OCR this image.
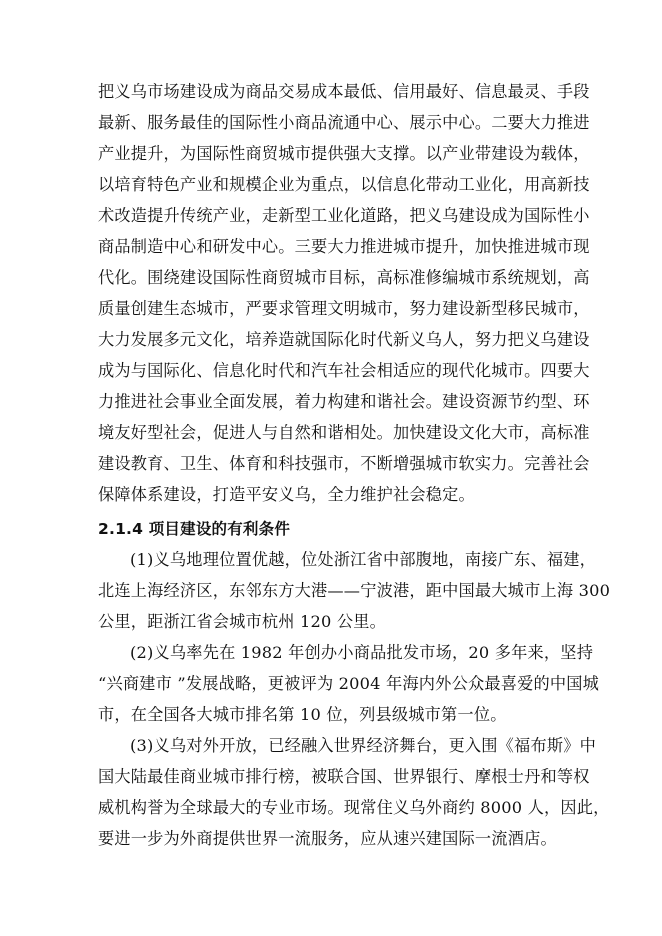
把义乌市场建设成为商品交易成本最低、信用最好、信息最灵、手段
最新、服务最佳的国际性小商品流通中心、展示中心。二要大力推进
产业提升，为国际性商贸城市提供强大支撑。以产业带建设为载体，
以培育特色产业和规模企业为重点，以信息化带动工业化，用高新技
术改造提升传统产业，走新型工业化道路，把义乌建设成为国际性小
商品制造中心和研发中心。三要大力推进城市提升，加快推进城市现
代化。围绕建设国际性商贸城市目标，高标准修编城市系统规划，高
质量创建生态城市，严要求管理文明城市，努力建设新型移民城市，
大力发展多元文化，培养造就国际化时代新义乌人，努力把义乌建设
成为与国际化、信息化时代和汽车社会相适应的现代化城市。四要大
力推进社会事业全面发展，着力构建和谐社会。建设资源节约型、环
境友好型社会，促进人与自然和谐相处。加快建设文化大市，高标准
建设教育、卫生、体育和科技强市，不断增强城市软实力。完善社会
保障体系建设，打造平安义乌，全力维护社会稳定。
2.1.4 项目建设的有利条件
(1)义乌地理位置优越，位处浙江省中部腹地，南接广东、福建，
北连上海经济区，东邻东方大港——宁波港，距中国最大城市上海 300
公里，距浙江省会城市杭州 120 公里。
(2)义乌率先在 1982 年创办小商品批发市场，20 多年来，坚持
“兴商建市 ”发展战略，更被评为 2004 年海内外公众最喜爱的中国城
市，在全国各大城市排名第 10 位，列县级城市第一位。
(3)义乌对外开放，已经融入世界经济舞台，更入围《福布斯》中
国大陆最佳商业城市排行榜，被联合国、世界银行、摩根士丹和等权
威机构誉为全球最大的专业市场。现常住义乌外商约 8000 人，因此，
要进一步为外商提供世界一流服务，应从速兴建国际一流酒店。
